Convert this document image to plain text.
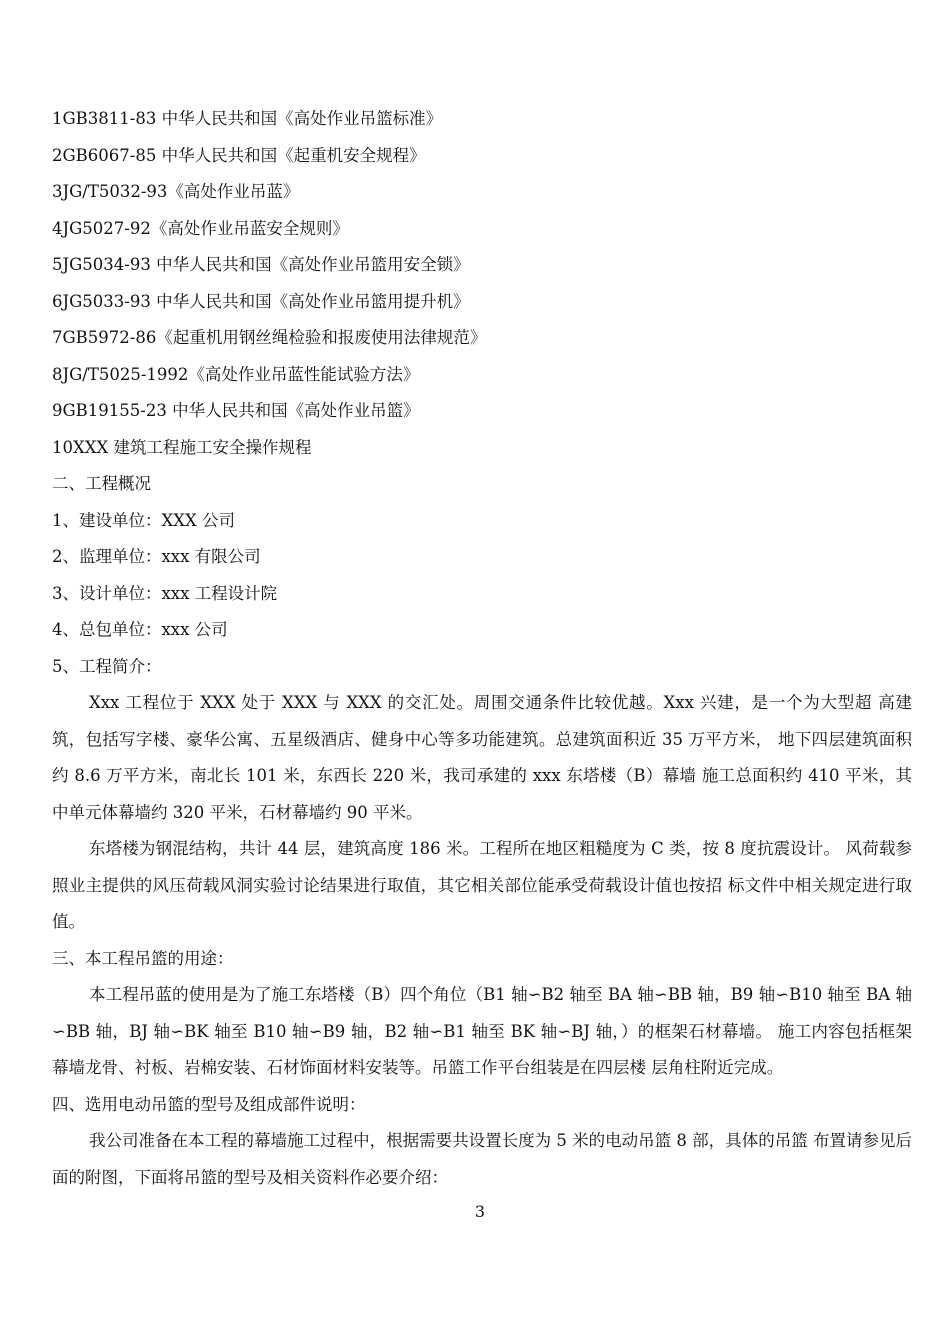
1GB3811-83 中华人民共和国《高处作业吊篮标准》
2GB6067-85 中华人民共和国《起重机安全规程》
3JG/T5032-93《高处作业吊蓝》
4JG5027-92《高处作业吊蓝安全规则》
5JG5034-93 中华人民共和国《高处作业吊篮用安全锁》
6JG5033-93 中华人民共和国《高处作业吊篮用提升机》
7GB5972-86《起重机用钢丝绳检验和报废使用法律规范》
8JG/T5025-1992《高处作业吊蓝性能试验方法》
9GB19155-23 中华人民共和国《高处作业吊篮》
10XXX 建筑工程施工安全操作规程
二、工程概况
1、建设单位：XXX 公司
2、监理单位：xxx 有限公司
3、设计单位：xxx 工程设计院
4、总包单位：xxx 公司
5、工程简介：

Xxx 工程位于 XXX 处于 XXX 与 XXX 的交汇处。周围交通条件比较优越。Xxx 兴建，是一个为大型超 高建筑，包括写字楼、豪华公寓、五星级酒店、健身中心等多功能建筑。总建筑面积近 35 万平方米， 地下四层建筑面积约 8.6 万平方米，南北长 101 米，东西长 220 米，我司承建的 xxx 东塔楼（B）幕墙 施工总面积约 410 平米，其中单元体幕墙约 320 平米，石材幕墙约 90 平米。

东塔楼为钢混结构，共计 44 层，建筑高度 186 米。工程所在地区粗糙度为 C 类，按 8 度抗震设计。 风荷载参照业主提供的风压荷载风洞实验讨论结果进行取值，其它相关部位能承受荷载设计值也按招 标文件中相关规定进行取值。

三、本工程吊篮的用途：

本工程吊蓝的使用是为了施工东塔楼（B）四个角位（B1 轴∽B2 轴至 BA 轴∽BB 轴，B9 轴∽B10 轴至 BA 轴∽BB 轴，BJ 轴∽BK 轴至 B10 轴∽B9 轴，B2 轴∽B1 轴至 BK 轴∽BJ 轴，）的框架石材幕墙。 施工内容包括框架幕墙龙骨、衬板、岩棉安装、石材饰面材料安装等。吊篮工作平台组装是在四层楼 层角柱附近完成。

四、选用电动吊篮的型号及组成部件说明：

我公司准备在本工程的幕墙施工过程中，根据需要共设置长度为 5 米的电动吊篮 8 部，具体的吊篮 布置请参见后面的附图，下面将吊篮的型号及相关资料作必要介绍：

3
